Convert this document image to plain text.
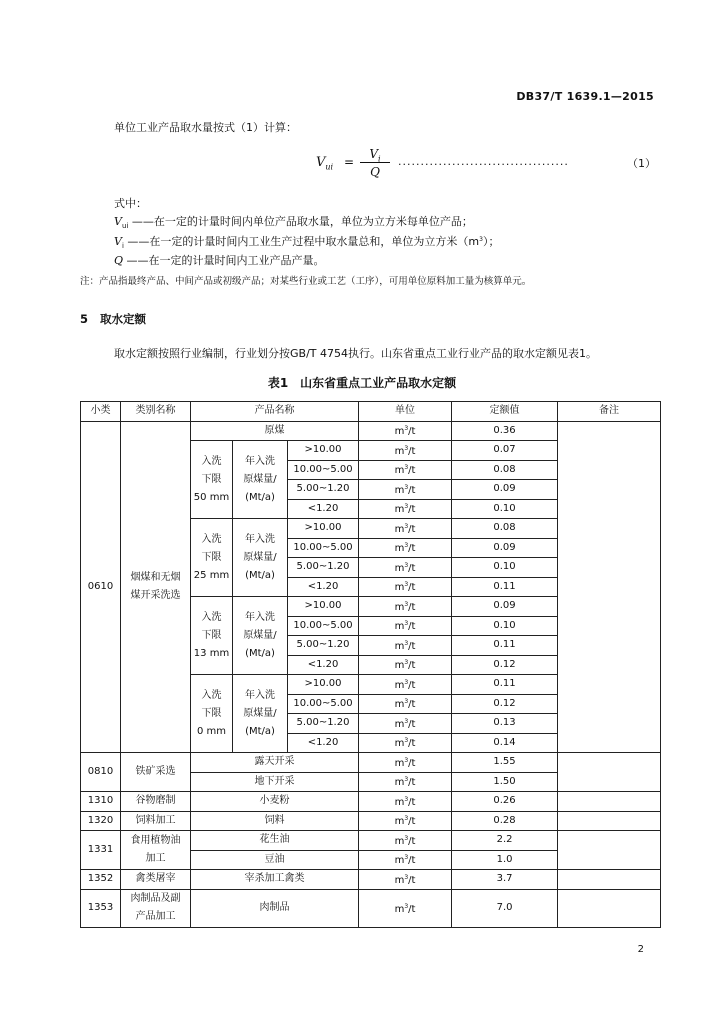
DB37/T 1639.1—2015
单位工业产品取水量按式（1）计算：
$V_{ui}$ =
$V_i$
Q
......................................	（1）
式中：
$V_{ui}$ ——在一定的计量时间内单位产品取水量，单位为立方米每单位产品；
$V_i$ ——在一定的计量时间内工业生产过程中取水量总和，单位为立方米$(m^3)$；
Q ——在一定的计量时间内工业产品产量。
注：产品指最终产品、中间产品或初级产品；对某些行业或工艺（工序），可用单位原料加工量为核算单元。
5 取水定额
取水定额按照行业编制，行业划分按GB/T 4754执行。山东省重点工业行业产品的取水定额见表1。
表1　山东省重点工业产品取水定额
小类	类别名称	产品名称			单位	定额值	备注
0610	烟煤和无烟
煤开采洗选	原煤			$m^3/t$	0.36	
		入洗
下限
50 mm	年入洗
原煤量/
(Mt/a)	>10.00	$m^3/t$	0.07	
				10.00~5.00	$m^3/t$	0.08	
				5.00~1.20	$m^3/t$	0.09	
				<1.20	$m^3/t$	0.10	
		入洗
下限
25 mm	年入洗
原煤量/
(Mt/a)	>10.00	$m^3/t$	0.08	
				10.00~5.00	$m^3/t$	0.09	
				5.00~1.20	$m^3/t$	0.10	
				<1.20	$m^3/t$	0.11	
		入洗
下限
13 mm	年入洗
原煤量/
(Mt/a)	>10.00	$m^3/t$	0.09	
				10.00~5.00	$m^3/t$	0.10	
				5.00~1.20	$m^3/t$	0.11	
				<1.20	$m^3/t$	0.12	
		入洗
下限
0 mm	年入洗
原煤量/
(Mt/a)	>10.00	$m^3/t$	0.11	
				10.00~5.00	$m^3/t$	0.12	
				5.00~1.20	$m^3/t$	0.13	
				<1.20	$m^3/t$	0.14	
0810	铁矿采选	露天开采			$m^3/t$	1.55	
		地下开采			$m^3/t$	1.50	
1310	谷物磨制	小麦粉			$m^3/t$	0.26	
1320	饲料加工	饲料			$m^3/t$	0.28	
1331	食用植物油
加工	花生油			$m^3/t$	2.2	
		豆油			$m^3/t$	1.0	
1352	禽类屠宰	宰杀加工禽类			$m^3/t$	3.7	
1353	肉制品及副
产品加工	肉制品			$m^3/t$	7.0	
2
